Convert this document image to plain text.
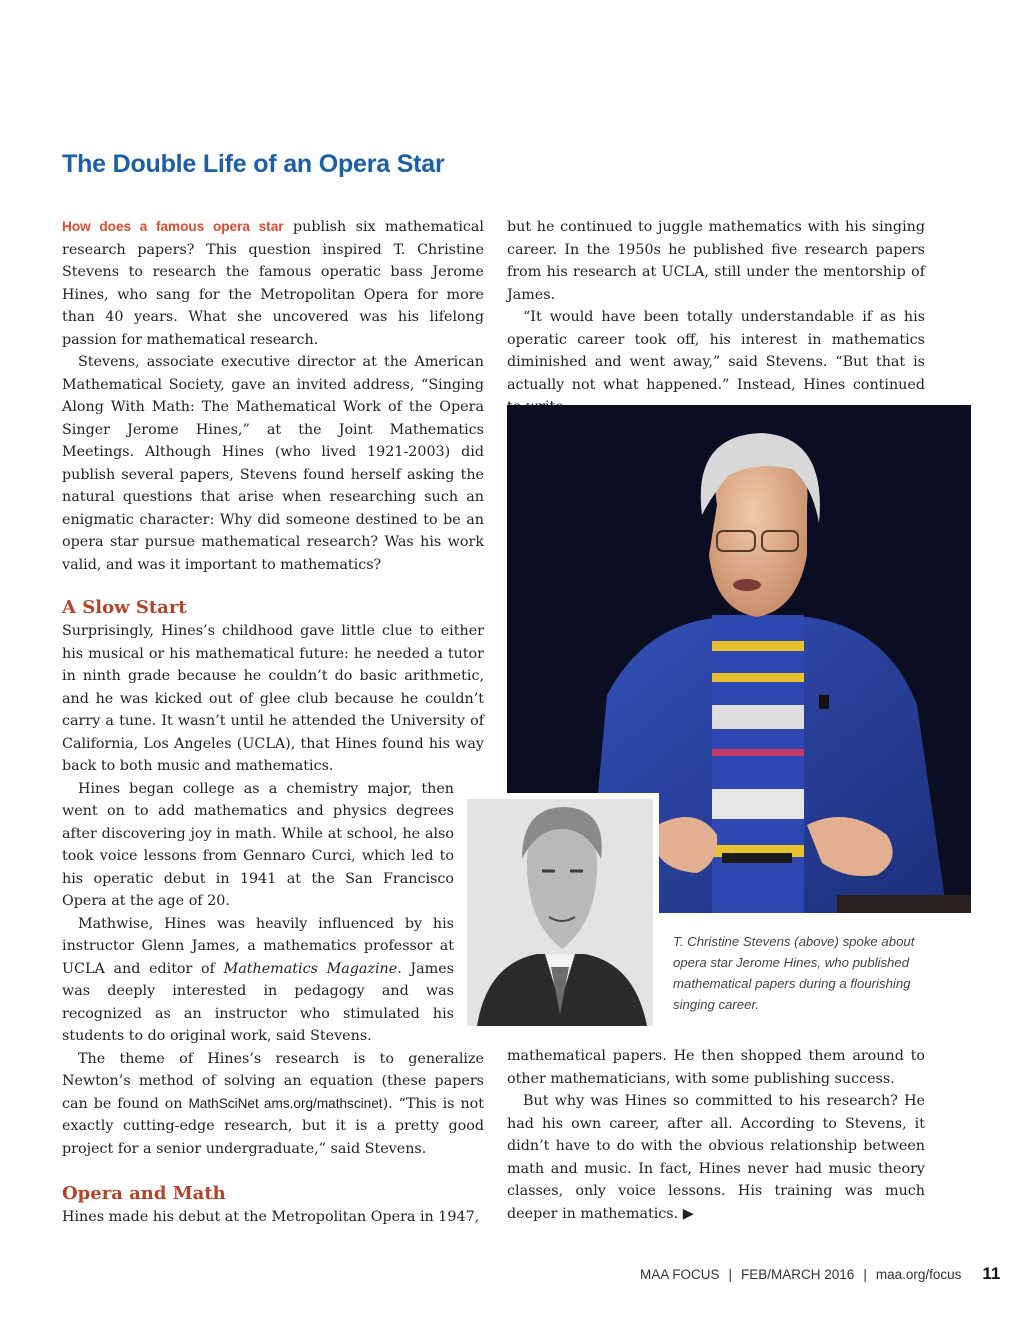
The Double Life of an Opera Star

How does a famous opera star publish six mathematical research papers? This question inspired T. Christine Stevens to research the famous operatic bass Jerome Hines, who sang for the Metropolitan Opera for more than 40 years. What she uncovered was his lifelong passion for mathematical research.

Stevens, associate executive director at the American Mathematical Society, gave an invited address, “Singing Along With Math: The Mathematical Work of the Opera Singer Jerome Hines,” at the Joint Mathematics Meetings. Although Hines (who lived 1921-2003) did publish several papers, Stevens found herself asking the natural questions that arise when researching such an enigmatic character: Why did someone destined to be an opera star pursue mathematical research? Was his work valid, and was it important to mathematics?

A Slow Start

Surprisingly, Hines’s childhood gave little clue to either his musical or his mathematical future: he needed a tutor in ninth grade because he couldn’t do basic arithmetic, and he was kicked out of glee club because he couldn’t carry a tune. It wasn’t until he attended the University of California, Los Angeles (UCLA), that Hines found his way back to both music and mathematics.

Hines began college as a chemistry major, then went on to add mathematics and physics degrees after discovering joy in math. While at school, he also took voice lessons from Gennaro Curci, which led to his operatic debut in 1941 at the San Francisco Opera at the age of 20.

Mathwise, Hines was heavily influenced by his instructor Glenn James, a mathematics professor at UCLA and editor of Mathematics Magazine. James was deeply interested in pedagogy and was recognized as an instructor who stimulated his students to do original work, said Stevens.

The theme of Hines’s research is to generalize Newton’s method of solving an equation (these papers can be found on MathSciNet ams.org/mathscinet). “This is not exactly cutting-edge research, but it is a pretty good project for a senior undergraduate,” said Stevens.

Opera and Math

Hines made his debut at the Metropolitan Opera in 1947,

but he continued to juggle mathematics with his singing career. In the 1950s he published five research papers from his research at UCLA, still under the mentorship of James.

“It would have been totally understandable if as his operatic career took off, his interest in mathematics diminished and went away,” said Stevens. “But that is actually not what happened.” Instead, Hines continued

T. Christine Stevens (above) spoke about opera star Jerome Hines, who published mathematical papers during a flourishing singing career.

mathematical papers. He then shopped them around to other mathematicians, with some publishing success.

But why was Hines so committed to his research? He had his own career, after all. According to Stevens, it didn’t have to do with the obvious relationship between math and music. In fact, Hines never had music theory classes, only voice lessons. His training was much deeper in mathematics. ▶

MAA FOCUS | FEB/MARCH 2016 | maa.org/focus 11
